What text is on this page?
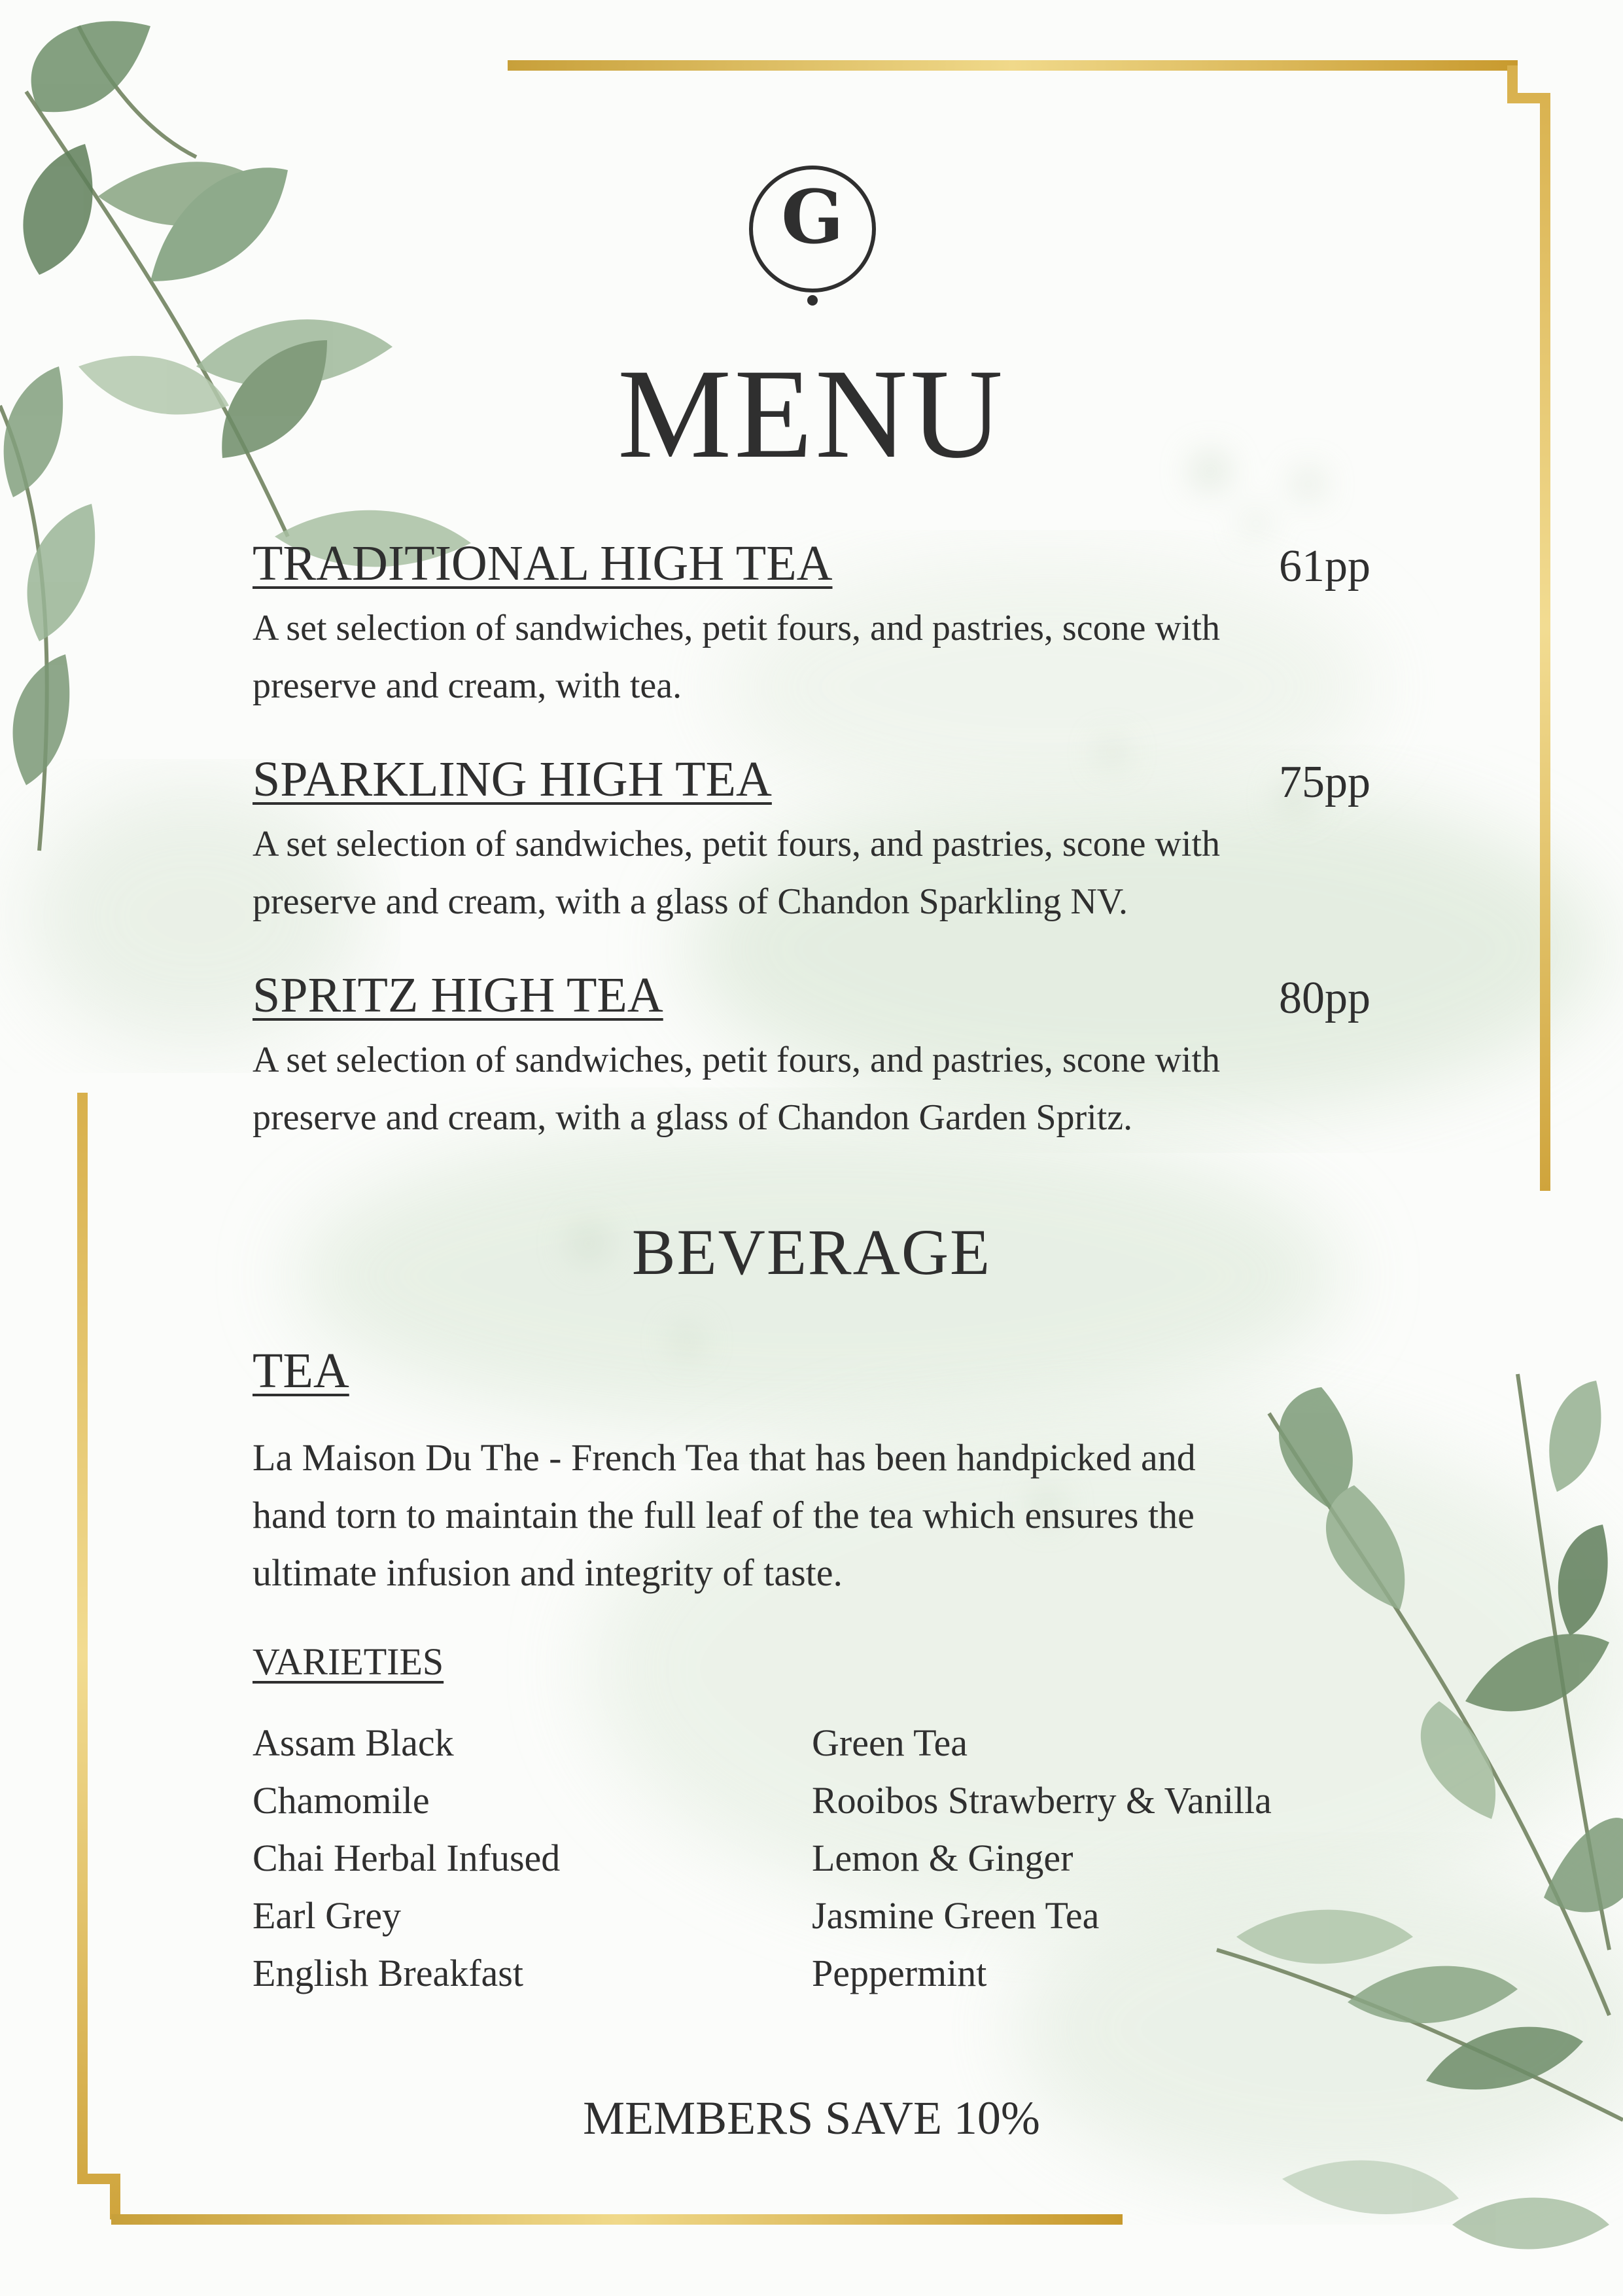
G
MENU
TRADITIONAL HIGH TEA	61pp
A set selection of sandwiches, petit fours, and pastries, scone with
preserve and cream, with tea.
SPARKLING HIGH TEA	75pp
A set selection of sandwiches, petit fours, and pastries, scone with
preserve and cream, with a glass of Chandon Sparkling NV.
SPRITZ HIGH TEA	80pp
A set selection of sandwiches, petit fours, and pastries, scone with
preserve and cream, with a glass of Chandon Garden Spritz.
BEVERAGE
TEA
La Maison Du The - French Tea that has been handpicked and
hand torn to maintain the full leaf of the tea which ensures the
ultimate infusion and integrity of taste.
VARIETIES
Assam Black
Chamomile
Chai Herbal Infused
Earl Grey
English Breakfast
Green Tea
Rooibos Strawberry & Vanilla
Lemon & Ginger
Jasmine Green Tea
Peppermint
MEMBERS SAVE 10%
